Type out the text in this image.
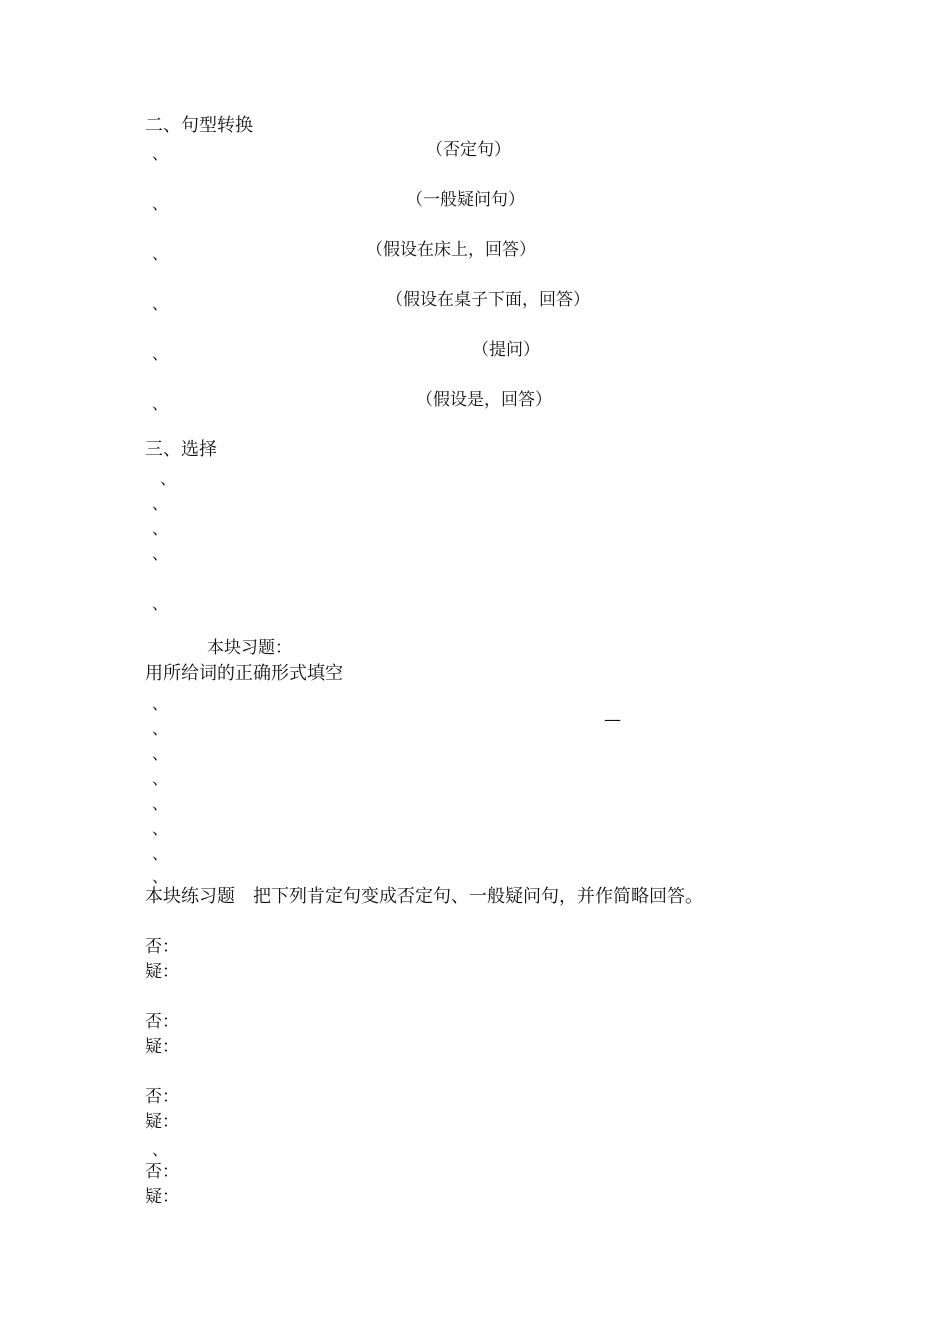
二、句型转换
、	（否定句）
、	（一般疑问句）
、	（假设在床上，回答）
、	（假设在桌子下面，回答）
、	（提问）
、	（假设是，回答）
三、选择
、
、
、
、
、
本块习题：
用所给词的正确形式填空
、
、	—
、
、
、
、
、
、
本块练习题　把下列肯定句变成否定句、一般疑问句，并作简略回答。
否：
疑：
否：
疑：
否：
疑：
、
否：
疑：
